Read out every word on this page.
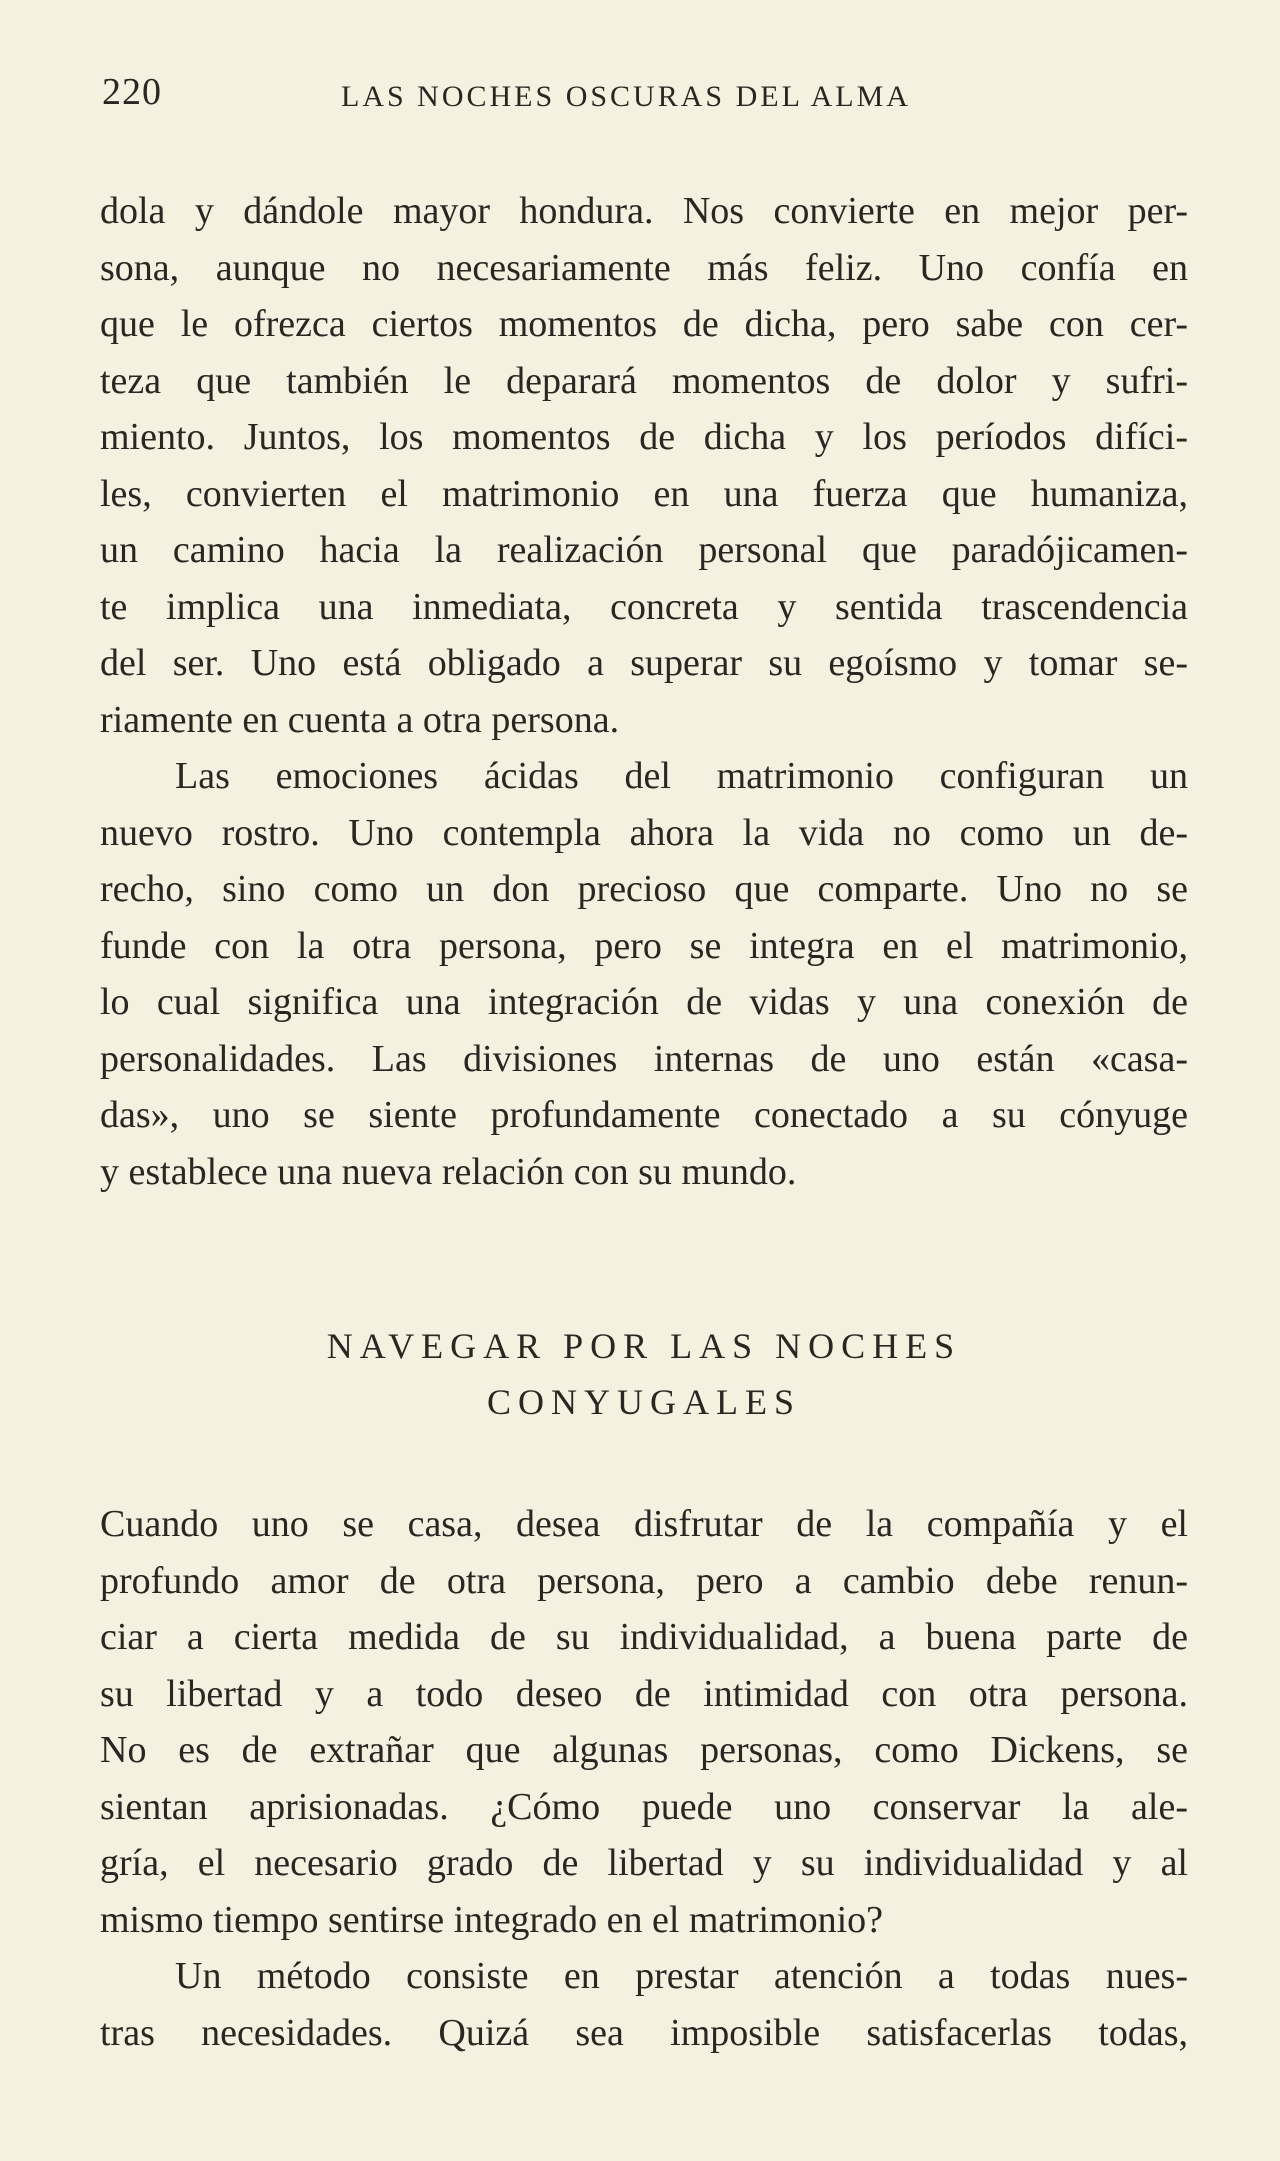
220	LAS NOCHES OSCURAS DEL ALMA
dola y dándole mayor hondura. Nos convierte en mejor per-
sona, aunque no necesariamente más feliz. Uno confía en
que le ofrezca ciertos momentos de dicha, pero sabe con cer-
teza que también le deparará momentos de dolor y sufri-
miento. Juntos, los momentos de dicha y los períodos difíci-
les, convierten el matrimonio en una fuerza que humaniza,
un camino hacia la realización personal que paradójicamen-
te implica una inmediata, concreta y sentida trascendencia
del ser. Uno está obligado a superar su egoísmo y tomar se-
riamente en cuenta a otra persona.
Las emociones ácidas del matrimonio configuran un
nuevo rostro. Uno contempla ahora la vida no como un de-
recho, sino como un don precioso que comparte. Uno no se
funde con la otra persona, pero se integra en el matrimonio,
lo cual significa una integración de vidas y una conexión de
personalidades. Las divisiones internas de uno están «casa-
das», uno se siente profundamente conectado a su cónyuge
y establece una nueva relación con su mundo.
NAVEGAR POR LAS NOCHES
CONYUGALES
Cuando uno se casa, desea disfrutar de la compañía y el
profundo amor de otra persona, pero a cambio debe renun-
ciar a cierta medida de su individualidad, a buena parte de
su libertad y a todo deseo de intimidad con otra persona.
No es de extrañar que algunas personas, como Dickens, se
sientan aprisionadas. ¿Cómo puede uno conservar la ale-
gría, el necesario grado de libertad y su individualidad y al
mismo tiempo sentirse integrado en el matrimonio?
Un método consiste en prestar atención a todas nues-
tras necesidades. Quizá sea imposible satisfacerlas todas,
